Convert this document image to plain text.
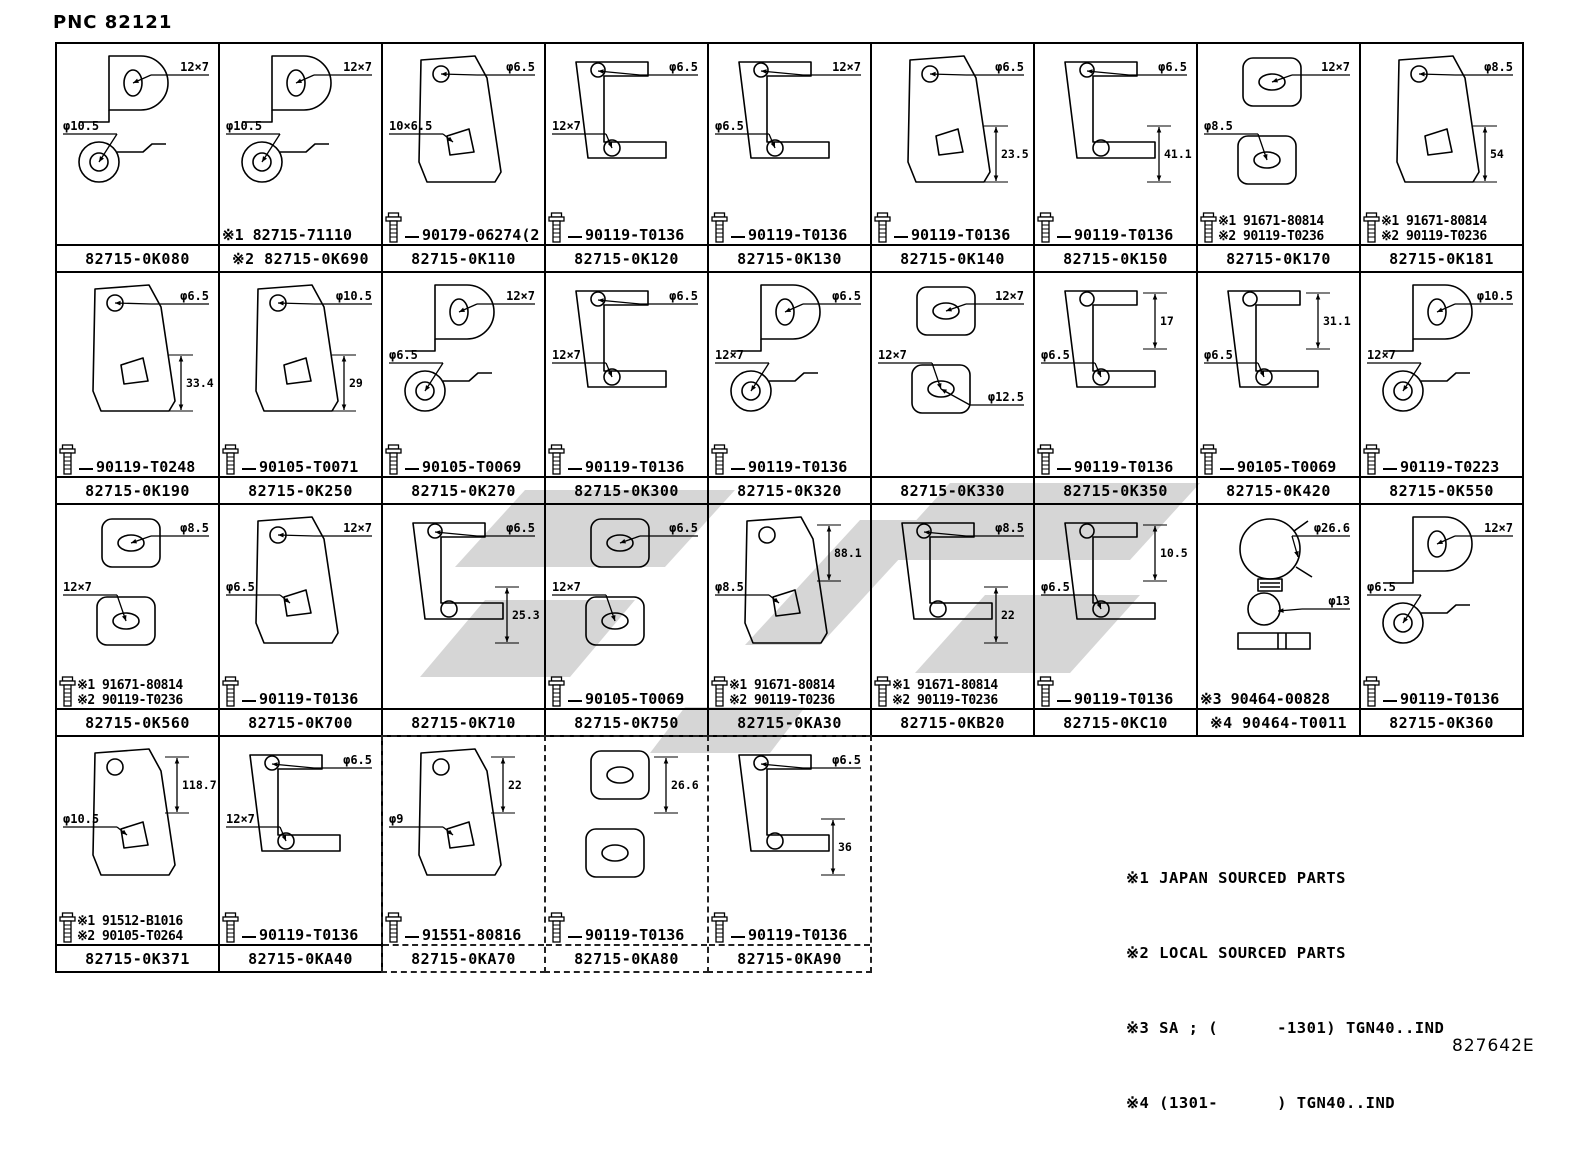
12×7
φ10.5
82715-0K080
12×7
φ10.5
※1 82715-71110
※2 82715-0K690
φ6.5
10×6.5
90179-06274(2
82715-0K110
φ6.5
12×7
90119-T0136
82715-0K120
12×7
φ6.5
90119-T0136
82715-0K130
φ6.5
23.5
90119-T0136
82715-0K140
φ6.5
41.1
90119-T0136
82715-0K150
12×7
φ8.5
※1 91671-80814
※2 90119-T0236
82715-0K170
φ8.5
54
※1 91671-80814
※2 90119-T0236
82715-0K181
φ6.5
33.4
90119-T0248
82715-0K190
φ10.5
29
90105-T0071
82715-0K250
12×7
φ6.5
90105-T0069
82715-0K270
φ6.5
12×7
90119-T0136
82715-0K300
φ6.5
12×7
90119-T0136
82715-0K320
12×7
12×7
φ12.5
82715-0K330
17
φ6.5
90119-T0136
82715-0K350
31.1
φ6.5
90105-T0069
82715-0K420
φ10.5
12×7
90119-T0223
82715-0K550
φ8.5
12×7
※1 91671-80814
※2 90119-T0236
82715-0K560
12×7
φ6.5
90119-T0136
82715-0K700
φ6.5
25.3
82715-0K710
φ6.5
12×7
90105-T0069
82715-0K750
88.1
φ8.5
※1 91671-80814
※2 90119-T0236
82715-0KA30
φ8.5
22
※1 91671-80814
※2 90119-T0236
82715-0KB20
10.5
φ6.5
90119-T0136
82715-0KC10
φ26.6
φ13
※3 90464-00828
※4 90464-T0011
12×7
φ6.5
90119-T0136
82715-0K360
118.7
φ10.5
※1 91512-B1016
※2 90105-T0264
82715-0K371
φ6.5
12×7
90119-T0136
82715-0KA40
22
φ9
91551-80816
82715-0KA70
26.6
90119-T0136
82715-0KA80
φ6.5
36
90119-T0136
82715-0KA90
PNC 82121

※1 JAPAN SOURCED PARTS

※2 LOCAL SOURCED PARTS

※3 SA ; (      -1301) TGN40..IND

※4 (1301-      ) TGN40..IND

827642E
